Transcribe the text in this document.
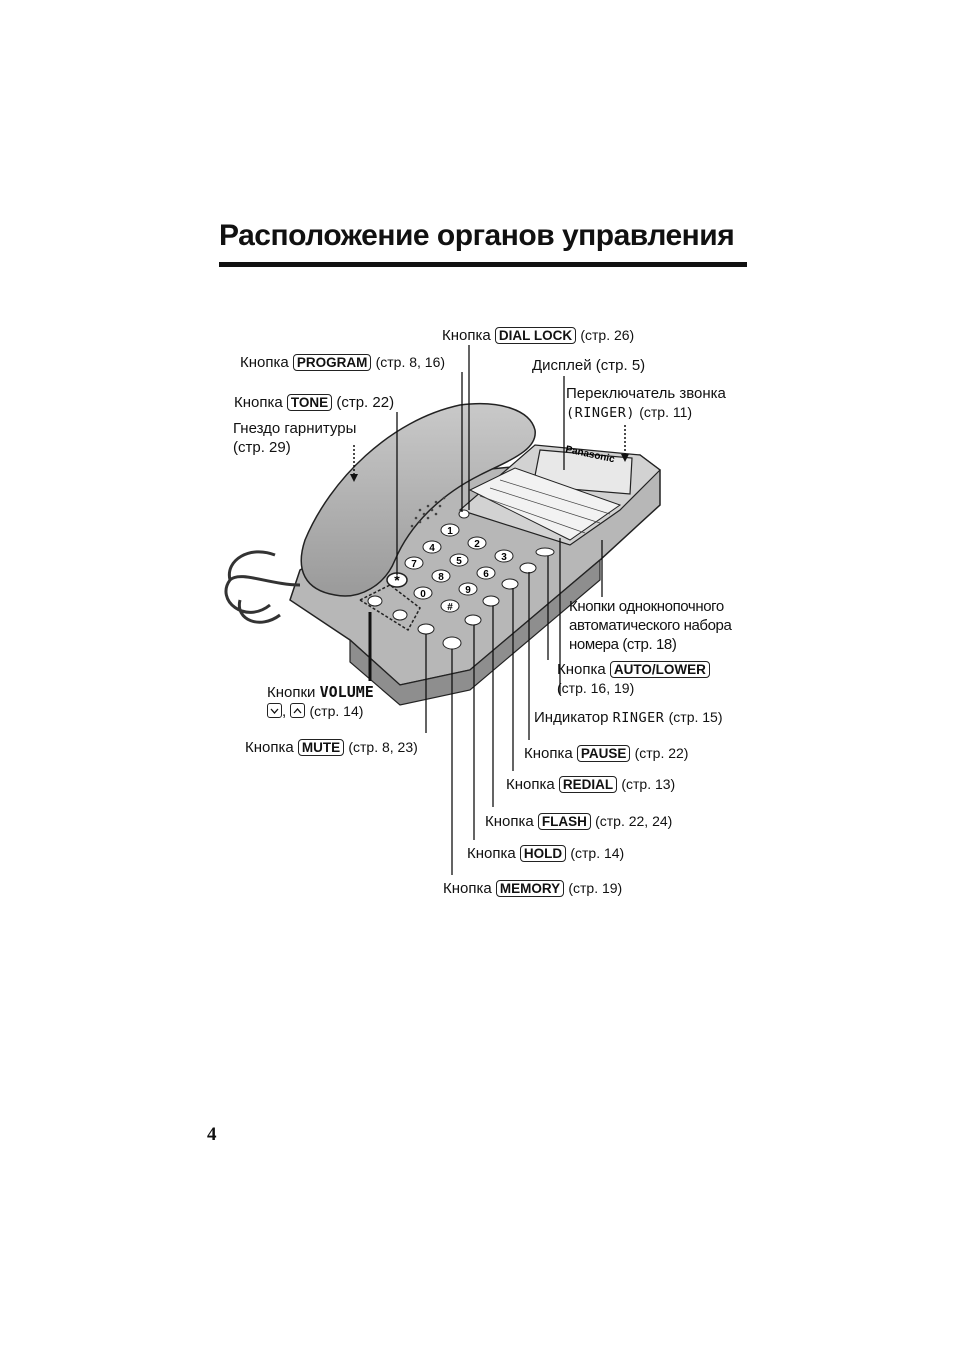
Расположение органов управления
Panasonic
1
2
3
4
5
6
7
8
9
*
0
#
Кнопка DIAL LOCK (стр. 26)
Кнопка PROGRAM (стр. 8, 16)	Дисплей (стр. 5)
Переключатель звонка
(RINGER) (стр. 11)
Кнопка TONE (стр. 22)
Гнездо гарнитуры
(стр. 29)
Кнопки однокнопочного
автоматического набора
номера (стр. 18)
Кнопка AUTO/LOWER
(стр. 16, 19)
Кнопки VOLUME
, (стр. 14)	Индикатор RINGER (стр. 15)
Кнопка MUTE (стр. 8, 23)	Кнопка PAUSE (стр. 22)
Кнопка REDIAL (стр. 13)
Кнопка FLASH (стр. 22, 24)
Кнопка HOLD (стр. 14)
Кнопка MEMORY (стр. 19)
4
